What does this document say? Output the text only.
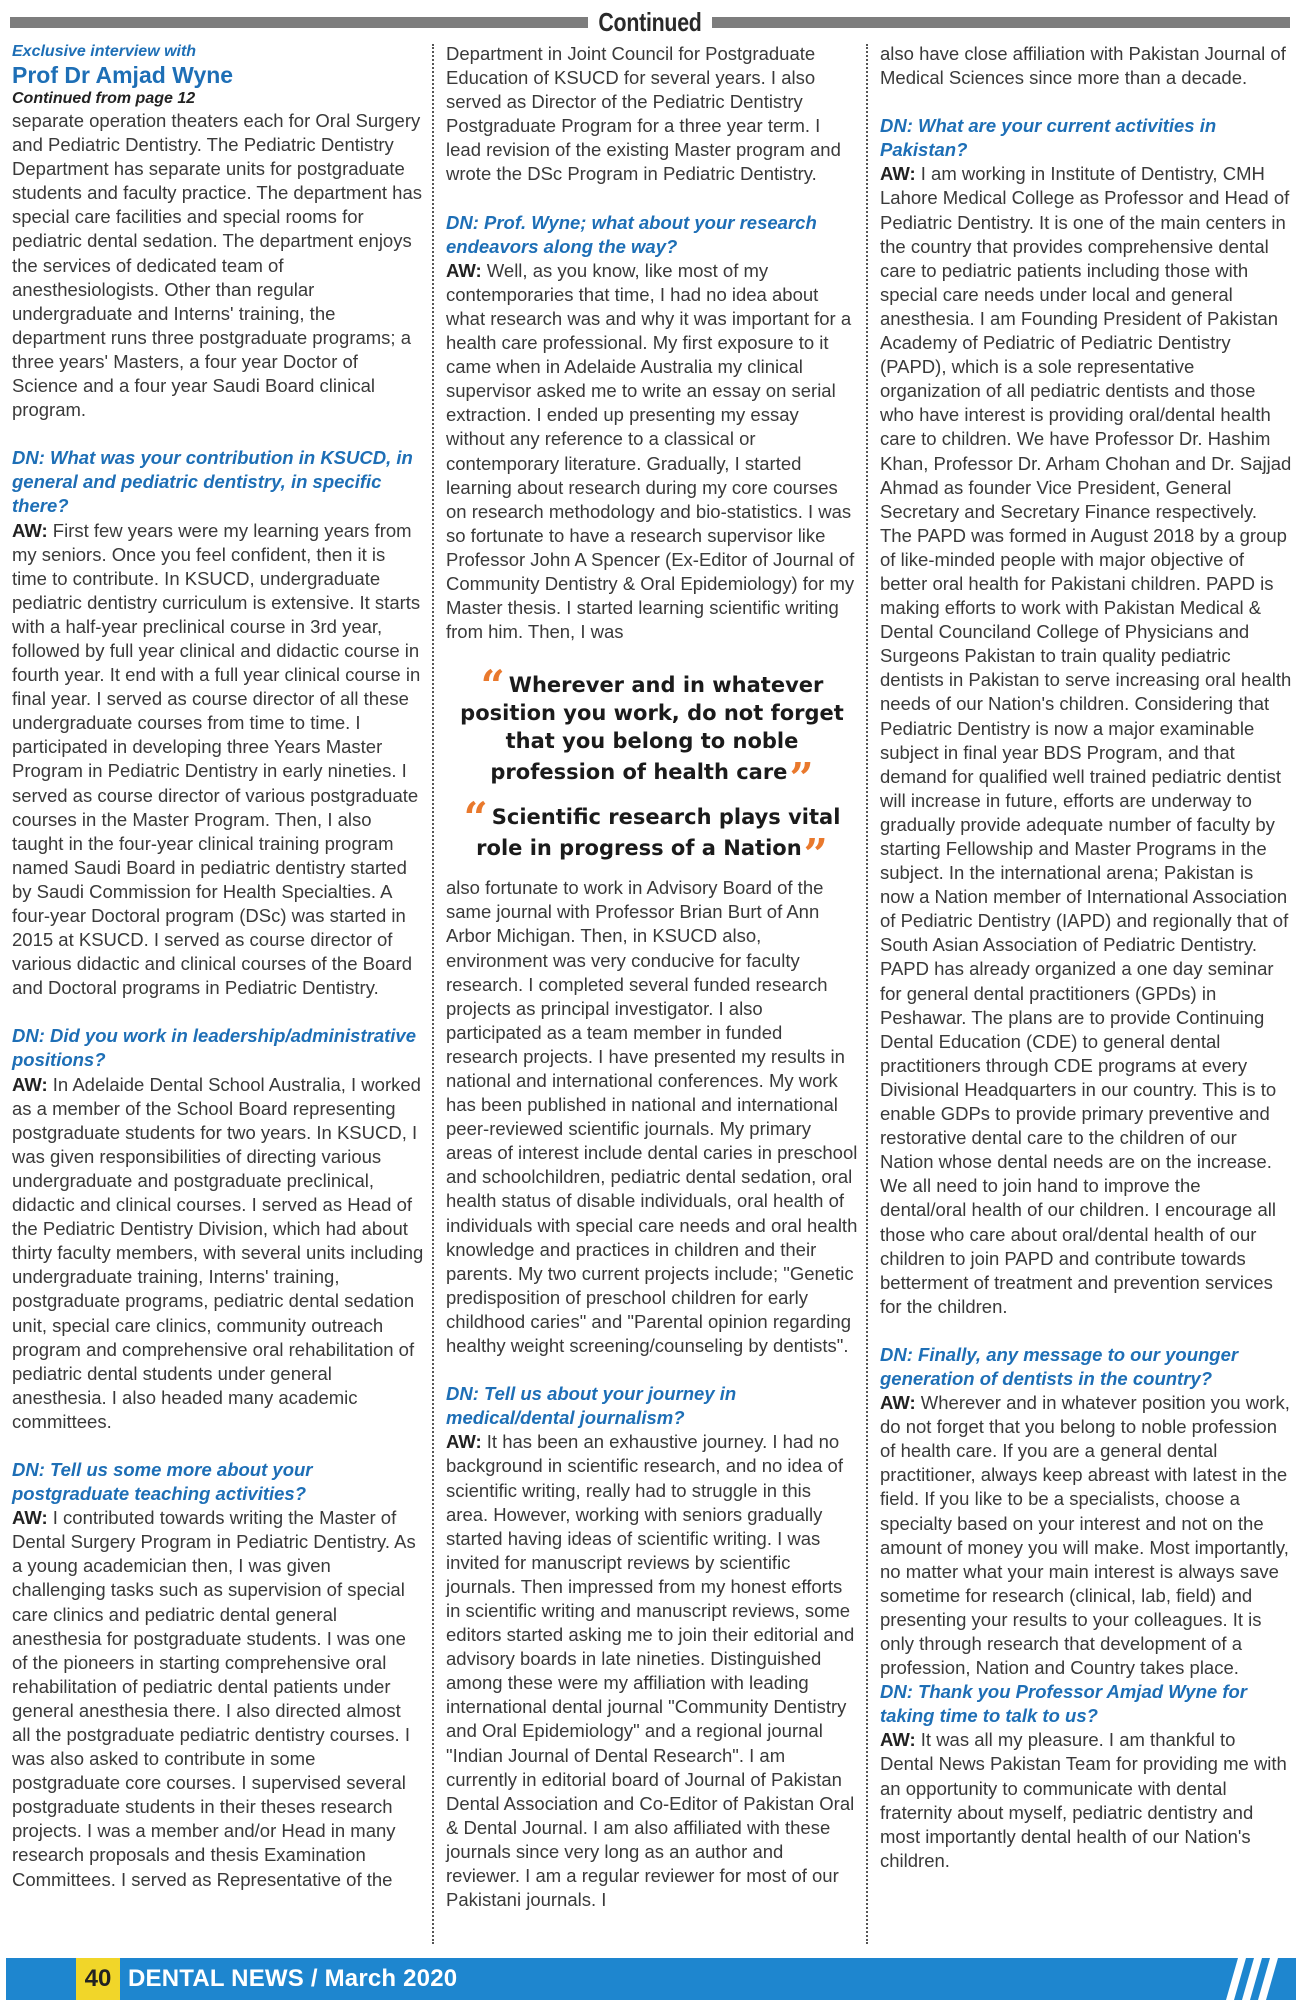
Continued

Exclusive interview with

Prof Dr Amjad Wyne

Continued from page 12

separate operation theaters each for Oral Surgery and Pediatric Dentistry. The Pediatric Dentistry Department has separate units for postgraduate students and faculty practice. The department has special care facilities and special rooms for pediatric dental sedation. The department enjoys the services of dedicated team of anesthesiologists. Other than regular undergraduate and Interns' training, the department runs three postgraduate programs; a three years' Masters, a four year Doctor of Science and a four year Saudi Board clinical program.

DN: What was your contribution in KSUCD, in general and pediatric dentistry, in specific there?

AW: First few years were my learning years from my seniors. Once you feel confident, then it is time to contribute. In KSUCD, undergraduate pediatric dentistry curriculum is extensive. It starts with a half-year preclinical course in 3rd year, followed by full year clinical and didactic course in fourth year. It end with a full year clinical course in final year. I served as course director of all these undergraduate courses from time to time. I participated in developing three Years Master Program in Pediatric Dentistry in early nineties. I served as course director of various postgraduate courses in the Master Program. Then, I also taught in the four-year clinical training program named Saudi Board in pediatric dentistry started by Saudi Commission for Health Specialties. A four-year Doctoral program (DSc) was started in 2015 at KSUCD. I served as course director of various didactic and clinical courses of the Board and Doctoral programs in Pediatric Dentistry.

DN: Did you work in leadership/administrative positions?

AW: In Adelaide Dental School Australia, I worked as a member of the School Board representing postgraduate students for two years. In KSUCD, I was given responsibilities of directing various undergraduate and postgraduate preclinical, didactic and clinical courses. I served as Head of the Pediatric Dentistry Division, which had about thirty faculty members, with several units including undergraduate training, Interns' training, postgraduate programs, pediatric dental sedation unit, special care clinics, community outreach program and comprehensive oral rehabilitation of pediatric dental students under general anesthesia. I also headed many academic committees.

DN: Tell us some more about your postgraduate teaching activities?

AW: I contributed towards writing the Master of Dental Surgery Program in Pediatric Dentistry. As a young academician then, I was given challenging tasks such as supervision of special care clinics and pediatric dental general anesthesia for postgraduate students. I was one of the pioneers in starting comprehensive oral rehabilitation of pediatric dental patients under general anesthesia there. I also directed almost all the postgraduate pediatric dentistry courses. I was also asked to contribute in some postgraduate core courses. I supervised several postgraduate students in their theses research projects. I was a member and/or Head in many research proposals and thesis Examination Committees. I served as Representative of the

Department in Joint Council for Postgraduate Education of KSUCD for several years. I also served as Director of the Pediatric Dentistry Postgraduate Program for a three year term. I lead revision of the existing Master program and wrote the DSc Program in Pediatric Dentistry.

DN: Prof. Wyne; what about your research endeavors along the way?

AW: Well, as you know, like most of my contemporaries that time, I had no idea about what research was and why it was important for a health care professional. My first exposure to it came when in Adelaide Australia my clinical supervisor asked me to write an essay on serial extraction. I ended up presenting my essay without any reference to a classical or contemporary literature. Gradually, I started learning about research during my core courses on research methodology and bio-statistics. I was so fortunate to have a research supervisor like Professor John A Spencer (Ex-Editor of Journal of Community Dentistry & Oral Epidemiology) for my Master thesis. I started learning scientific writing from him. Then, I was

“ Wherever and in whatever position you work, do not forget that you belong to noble profession of health care”
“ Scientific research plays vital role in progress of a Nation”

also fortunate to work in Advisory Board of the same journal with Professor Brian Burt of Ann Arbor Michigan. Then, in KSUCD also, environment was very conducive for faculty research. I completed several funded research projects as principal investigator. I also participated as a team member in funded research projects. I have presented my results in national and international conferences. My work has been published in national and international peer-reviewed scientific journals. My primary areas of interest include dental caries in preschool and schoolchildren, pediatric dental sedation, oral health status of disable individuals, oral health of individuals with special care needs and oral health knowledge and practices in children and their parents. My two current projects include; "Genetic predisposition of preschool children for early childhood caries" and "Parental opinion regarding healthy weight screening/counseling by dentists".

DN: Tell us about your journey in medical/dental journalism?

AW: It has been an exhaustive journey. I had no background in scientific research, and no idea of scientific writing, really had to struggle in this area. However, working with seniors gradually started having ideas of scientific writing. I was invited for manuscript reviews by scientific journals. Then impressed from my honest efforts in scientific writing and manuscript reviews, some editors started asking me to join their editorial and advisory boards in late nineties. Distinguished among these were my affiliation with leading international dental journal "Community Dentistry and Oral Epidemiology" and a regional journal "Indian Journal of Dental Research". I am currently in editorial board of Journal of Pakistan Dental Association and Co-Editor of Pakistan Oral & Dental Journal. I am also affiliated with these journals since very long as an author and reviewer. I am a regular reviewer for most of our Pakistani journals. I

also have close affiliation with Pakistan Journal of Medical Sciences since more than a decade.

DN: What are your current activities in Pakistan?

AW: I am working in Institute of Dentistry, CMH Lahore Medical College as Professor and Head of Pediatric Dentistry. It is one of the main centers in the country that provides comprehensive dental care to pediatric patients including those with special care needs under local and general anesthesia. I am Founding President of Pakistan Academy of Pediatric of Pediatric Dentistry (PAPD), which is a sole representative organization of all pediatric dentists and those who have interest is providing oral/dental health care to children. We have Professor Dr. Hashim Khan, Professor Dr. Arham Chohan and Dr. Sajjad Ahmad as founder Vice President, General Secretary and Secretary Finance respectively.

The PAPD was formed in August 2018 by a group of like-minded people with major objective of better oral health for Pakistani children. PAPD is making efforts to work with Pakistan Medical & Dental Counciland College of Physicians and Surgeons Pakistan to train quality pediatric dentists in Pakistan to serve increasing oral health needs of our Nation's children. Considering that Pediatric Dentistry is now a major examinable subject in final year BDS Program, and that demand for qualified well trained pediatric dentist will increase in future, efforts are underway to gradually provide adequate number of faculty by starting Fellowship and Master Programs in the subject. In the international arena; Pakistan is now a Nation member of International Association of Pediatric Dentistry (IAPD) and regionally that of South Asian Association of Pediatric Dentistry. PAPD has already organized a one day seminar for general dental practitioners (GPDs) in Peshawar. The plans are to provide Continuing Dental Education (CDE) to general dental practitioners through CDE programs at every Divisional Headquarters in our country. This is to enable GDPs to provide primary preventive and restorative dental care to the children of our Nation whose dental needs are on the increase. We all need to join hand to improve the dental/oral health of our children. I encourage all those who care about oral/dental health of our children to join PAPD and contribute towards betterment of treatment and prevention services for the children.

DN: Finally, any message to our younger generation of dentists in the country?

AW: Wherever and in whatever position you work, do not forget that you belong to noble profession of health care. If you are a general dental practitioner, always keep abreast with latest in the field. If you like to be a specialists, choose a specialty based on your interest and not on the amount of money you will make. Most importantly, no matter what your main interest is always save sometime for research (clinical, lab, field) and presenting your results to your colleagues. It is only through research that development of a profession, Nation and Country takes place.

DN: Thank you Professor Amjad Wyne for taking time to talk to us?

AW: It was all my pleasure. I am thankful to Dental News Pakistan Team for providing me with an opportunity to communicate with dental fraternity about myself, pediatric dentistry and most importantly dental health of our Nation's children.

40 DENTAL NEWS / March 2020
